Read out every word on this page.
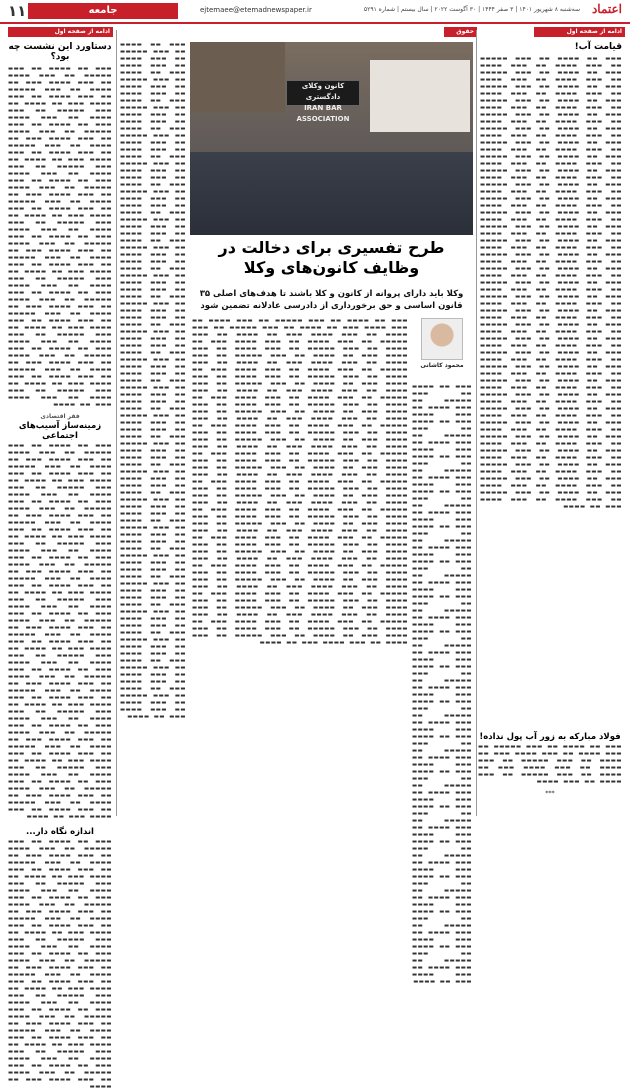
۱۱	جامعه	ejtemaee@etemadnewspaper.ir	سه‌شنبه ۸ شهریور ۱۴۰۱ | ۳ صفر ۱۴۴۴ | ۳۰ آگوست ۲۰۲۲ | سال بیستم | شماره ۵۲۹۱ اعتماد
ادامه از صفحه اول
حقوق
ادامه از صفحه اول
قیامت آب!

▬▬▬ ▬▬ ▬▬▬▬ ▬▬ ▬▬▬ ▬▬▬▬▬ ▬▬ ▬▬▬ ▬▬▬▬ ▬▬ ▬▬▬ ▬▬▬▬ ▬▬▬ ▬▬ ▬▬▬▬ ▬▬ ▬▬▬ ▬▬▬▬▬ ▬▬ ▬▬▬ ▬▬▬▬ ▬▬ ▬▬▬ ▬▬▬▬ ▬▬▬ ▬▬ ▬▬▬▬ ▬▬ ▬▬▬ ▬▬▬▬▬ ▬▬ ▬▬▬ ▬▬▬▬ ▬▬ ▬▬▬ ▬▬▬▬ ▬▬▬ ▬▬ ▬▬▬▬ ▬▬ ▬▬▬ ▬▬▬▬▬ ▬▬ ▬▬▬ ▬▬▬▬ ▬▬ ▬▬▬ ▬▬▬▬ ▬▬▬ ▬▬ ▬▬▬▬ ▬▬ ▬▬▬ ▬▬▬▬▬ ▬▬ ▬▬▬ ▬▬▬▬ ▬▬ ▬▬▬ ▬▬▬▬ ▬▬▬ ▬▬ ▬▬▬▬ ▬▬ ▬▬▬ ▬▬▬▬▬ ▬▬ ▬▬▬ ▬▬▬▬ ▬▬ ▬▬▬ ▬▬▬▬ ▬▬▬ ▬▬ ▬▬▬▬ ▬▬ ▬▬▬ ▬▬▬▬▬ ▬▬ ▬▬▬ ▬▬▬▬ ▬▬ ▬▬▬ ▬▬▬▬ ▬▬▬ ▬▬ ▬▬▬▬ ▬▬ ▬▬▬ ▬▬▬▬▬ ▬▬ ▬▬▬ ▬▬▬▬ ▬▬ ▬▬▬ ▬▬▬▬ ▬▬▬ ▬▬ ▬▬▬▬ ▬▬ ▬▬▬ ▬▬▬▬▬ ▬▬ ▬▬▬ ▬▬▬▬ ▬▬ ▬▬▬ ▬▬▬▬ ▬▬▬ ▬▬ ▬▬▬▬ ▬▬ ▬▬▬ ▬▬▬▬▬ ▬▬ ▬▬▬ ▬▬▬▬ ▬▬ ▬▬▬ ▬▬▬▬ ▬▬▬ ▬▬ ▬▬▬▬ ▬▬ ▬▬▬ ▬▬▬▬▬ ▬▬ ▬▬▬ ▬▬▬▬ ▬▬ ▬▬▬ ▬▬▬▬ ▬▬▬ ▬▬ ▬▬▬▬ ▬▬ ▬▬▬ ▬▬▬▬▬ ▬▬ ▬▬▬ ▬▬▬▬ ▬▬ ▬▬▬ ▬▬▬▬ ▬▬▬ ▬▬ ▬▬▬▬ ▬▬ ▬▬▬ ▬▬▬▬▬ ▬▬ ▬▬▬ ▬▬▬▬ ▬▬ ▬▬▬ ▬▬▬▬ ▬▬▬ ▬▬ ▬▬▬▬ ▬▬ ▬▬▬ ▬▬▬▬▬ ▬▬ ▬▬▬ ▬▬▬▬ ▬▬ ▬▬▬ ▬▬▬▬ ▬▬▬ ▬▬ ▬▬▬▬ ▬▬ ▬▬▬ ▬▬▬▬▬ ▬▬ ▬▬▬ ▬▬▬▬ ▬▬ ▬▬▬ ▬▬▬▬ ▬▬▬ ▬▬ ▬▬▬▬ ▬▬ ▬▬▬ ▬▬▬▬▬ ▬▬ ▬▬▬ ▬▬▬▬ ▬▬ ▬▬▬ ▬▬▬▬ ▬▬▬ ▬▬ ▬▬▬▬ ▬▬ ▬▬▬ ▬▬▬▬▬ ▬▬ ▬▬▬ ▬▬▬▬ ▬▬ ▬▬▬ ▬▬▬▬ ▬▬▬ ▬▬ ▬▬▬▬ ▬▬ ▬▬▬ ▬▬▬▬▬ ▬▬ ▬▬▬ ▬▬▬▬ ▬▬ ▬▬▬ ▬▬▬▬ ▬▬▬ ▬▬ ▬▬▬▬ ▬▬ ▬▬▬ ▬▬▬▬▬ ▬▬ ▬▬▬ ▬▬▬▬ ▬▬ ▬▬▬ ▬▬▬▬ ▬▬▬ ▬▬ ▬▬▬▬ ▬▬ ▬▬▬ ▬▬▬▬▬ ▬▬ ▬▬▬ ▬▬▬▬ ▬▬ ▬▬▬ ▬▬▬▬ ▬▬▬ ▬▬ ▬▬▬▬ ▬▬ ▬▬▬ ▬▬▬▬▬ ▬▬ ▬▬▬ ▬▬▬▬ ▬▬ ▬▬▬ ▬▬▬▬ ▬▬▬ ▬▬ ▬▬▬▬ ▬▬ ▬▬▬ ▬▬▬▬▬ ▬▬ ▬▬▬ ▬▬▬▬ ▬▬ ▬▬▬ ▬▬▬▬ ▬▬▬ ▬▬ ▬▬▬▬ ▬▬ ▬▬▬ ▬▬▬▬▬ ▬▬ ▬▬▬ ▬▬▬▬ ▬▬ ▬▬▬ ▬▬▬▬ ▬▬▬ ▬▬ ▬▬▬▬ ▬▬ ▬▬▬ ▬▬▬▬▬ ▬▬ ▬▬▬ ▬▬▬▬ ▬▬ ▬▬▬ ▬▬▬▬ ▬▬▬ ▬▬ ▬▬▬▬ ▬▬ ▬▬▬ ▬▬▬▬▬ ▬▬ ▬▬▬ ▬▬▬▬ ▬▬ ▬▬▬ ▬▬▬▬ ▬▬▬ ▬▬ ▬▬▬▬ ▬▬ ▬▬▬ ▬▬▬▬▬ ▬▬ ▬▬▬ ▬▬▬▬ ▬▬ ▬▬▬ ▬▬▬▬ ▬▬▬ ▬▬ ▬▬▬▬ ▬▬ ▬▬▬ ▬▬▬▬▬ ▬▬ ▬▬▬ ▬▬▬▬ ▬▬ ▬▬▬ ▬▬▬▬ ▬▬▬ ▬▬ ▬▬▬▬ ▬▬ ▬▬▬ ▬▬▬▬▬ ▬▬ ▬▬▬ ▬▬▬▬ ▬▬ ▬▬▬ ▬▬▬▬ ▬▬▬ ▬▬ ▬▬▬▬ ▬▬ ▬▬▬ ▬▬▬▬▬ ▬▬ ▬▬▬ ▬▬▬▬ ▬▬ ▬▬▬ ▬▬▬▬ ▬▬▬ ▬▬ ▬▬▬▬ ▬▬ ▬▬▬ ▬▬▬▬▬ ▬▬ ▬▬▬ ▬▬▬▬ ▬▬ ▬▬▬ ▬▬▬▬ ▬▬▬ ▬▬ ▬▬▬▬ ▬▬ ▬▬▬ ▬▬▬▬▬ ▬▬ ▬▬▬ ▬▬▬▬ ▬▬ ▬▬▬ ▬▬▬▬ ▬▬▬ ▬▬ ▬▬▬▬ ▬▬ ▬▬▬ ▬▬▬▬▬ ▬▬ ▬▬▬ ▬▬▬▬ ▬▬ ▬▬▬ ▬▬▬▬ ▬▬▬ ▬▬ ▬▬▬▬

فولاد مبارکه به زور آب پول نداده!

▬▬▬ ▬▬ ▬▬▬▬ ▬▬ ▬▬▬ ▬▬▬▬▬ ▬▬ ▬▬▬ ▬▬▬▬ ▬▬ ▬▬▬ ▬▬▬▬ ▬▬▬ ▬▬ ▬▬▬▬ ▬▬ ▬▬▬ ▬▬▬▬▬ ▬▬ ▬▬▬ ▬▬▬▬ ▬▬ ▬▬▬ ▬▬▬▬ ▬▬▬ ▬▬ ▬▬▬▬ ▬▬ ▬▬▬ ▬▬▬▬▬ ▬▬ ▬▬▬ ▬▬▬▬ ▬▬ ▬▬▬ ▬▬▬▬

***
کانون وکلای دادگستری
IRAN BAR ASSOCIATION
طرح تفسیری برای دخالت در وظایف کانون‌های وکلا
وکلا باید دارای پروانه از کانون و کلا باشند تا هدف‌های اصلی ۳۵ قانون اساسی و حق برخورداری از دادرسی عادلانه تضمین شود
محمود کاشانی

▬▬▬ ▬▬ ▬▬▬▬ ▬▬ ▬▬▬ ▬▬▬▬▬ ▬▬ ▬▬▬ ▬▬▬▬ ▬▬ ▬▬▬ ▬▬▬▬ ▬▬▬ ▬▬ ▬▬▬▬ ▬▬ ▬▬▬ ▬▬▬▬▬ ▬▬ ▬▬▬ ▬▬▬▬ ▬▬ ▬▬▬ ▬▬▬▬ ▬▬▬ ▬▬ ▬▬▬▬ ▬▬ ▬▬▬ ▬▬▬▬▬ ▬▬ ▬▬▬ ▬▬▬▬ ▬▬ ▬▬▬ ▬▬▬▬ ▬▬▬ ▬▬ ▬▬▬▬ ▬▬ ▬▬▬ ▬▬▬▬▬ ▬▬ ▬▬▬ ▬▬▬▬ ▬▬ ▬▬▬ ▬▬▬▬ ▬▬▬ ▬▬ ▬▬▬▬ ▬▬ ▬▬▬ ▬▬▬▬▬ ▬▬ ▬▬▬ ▬▬▬▬ ▬▬ ▬▬▬ ▬▬▬▬ ▬▬▬ ▬▬ ▬▬▬▬ ▬▬ ▬▬▬ ▬▬▬▬▬ ▬▬ ▬▬▬ ▬▬▬▬ ▬▬ ▬▬▬ ▬▬▬▬ ▬▬▬ ▬▬ ▬▬▬▬ ▬▬ ▬▬▬ ▬▬▬▬▬ ▬▬ ▬▬▬ ▬▬▬▬ ▬▬ ▬▬▬ ▬▬▬▬ ▬▬▬ ▬▬ ▬▬▬▬ ▬▬ ▬▬▬ ▬▬▬▬▬ ▬▬ ▬▬▬ ▬▬▬▬ ▬▬ ▬▬▬ ▬▬▬▬ ▬▬▬ ▬▬ ▬▬▬▬ ▬▬ ▬▬▬ ▬▬▬▬▬ ▬▬ ▬▬▬ ▬▬▬▬ ▬▬ ▬▬▬ ▬▬▬▬ ▬▬▬ ▬▬ ▬▬▬▬ ▬▬ ▬▬▬ ▬▬▬▬▬ ▬▬ ▬▬▬ ▬▬▬▬ ▬▬ ▬▬▬ ▬▬▬▬ ▬▬▬ ▬▬ ▬▬▬▬ ▬▬ ▬▬▬ ▬▬▬▬▬ ▬▬ ▬▬▬ ▬▬▬▬ ▬▬ ▬▬▬ ▬▬▬▬ ▬▬▬ ▬▬ ▬▬▬▬ ▬▬ ▬▬▬ ▬▬▬▬▬ ▬▬ ▬▬▬ ▬▬▬▬ ▬▬ ▬▬▬ ▬▬▬▬ ▬▬▬ ▬▬ ▬▬▬▬ ▬▬ ▬▬▬ ▬▬▬▬▬ ▬▬ ▬▬▬ ▬▬▬▬ ▬▬ ▬▬▬ ▬▬▬▬ ▬▬▬ ▬▬ ▬▬▬▬ ▬▬ ▬▬▬ ▬▬▬▬▬ ▬▬ ▬▬▬ ▬▬▬▬ ▬▬ ▬▬▬ ▬▬▬▬ ▬▬▬ ▬▬ ▬▬▬▬ ▬▬ ▬▬▬ ▬▬▬▬▬ ▬▬ ▬▬▬ ▬▬▬▬ ▬▬ ▬▬▬ ▬▬▬▬ ▬▬▬ ▬▬ ▬▬▬▬ ▬▬ ▬▬▬ ▬▬▬▬▬ ▬▬ ▬▬▬ ▬▬▬▬ ▬▬ ▬▬▬ ▬▬▬▬ ▬▬▬ ▬▬ ▬▬▬▬ ▬▬ ▬▬▬ ▬▬▬▬▬ ▬▬ ▬▬▬ ▬▬▬▬ ▬▬ ▬▬▬ ▬▬▬▬ ▬▬▬ ▬▬ ▬▬▬▬ ▬▬ ▬▬▬ ▬▬▬▬▬ ▬▬ ▬▬▬ ▬▬▬▬ ▬▬ ▬▬▬ ▬▬▬▬ ▬▬▬ ▬▬ ▬▬▬▬ ▬▬ ▬▬▬ ▬▬▬▬▬ ▬▬ ▬▬▬ ▬▬▬▬ ▬▬ ▬▬▬ ▬▬▬▬ ▬▬▬ ▬▬ ▬▬▬▬ ▬▬ ▬▬▬ ▬▬▬▬▬ ▬▬ ▬▬▬ ▬▬▬▬ ▬▬ ▬▬▬ ▬▬▬▬ ▬▬▬ ▬▬ ▬▬▬▬ ▬▬ ▬▬▬ ▬▬▬▬▬ ▬▬ ▬▬▬ ▬▬▬▬ ▬▬ ▬▬▬ ▬▬▬▬ ▬▬▬ ▬▬ ▬▬▬▬ ▬▬ ▬▬▬ ▬▬▬▬▬ ▬▬ ▬▬▬ ▬▬▬▬ ▬▬ ▬▬▬ ▬▬▬▬ ▬▬▬ ▬▬ ▬▬▬▬ ▬▬ ▬▬▬ ▬▬▬▬▬ ▬▬ ▬▬▬ ▬▬▬▬ ▬▬ ▬▬▬ ▬▬▬▬ ▬▬▬ ▬▬ ▬▬▬▬ ▬▬ ▬▬▬ ▬▬▬▬▬ ▬▬ ▬▬▬ ▬▬▬▬ ▬▬ ▬▬▬ ▬▬▬▬ ▬▬▬ ▬▬ ▬▬▬▬

▬▬▬ ▬▬ ▬▬▬▬ ▬▬ ▬▬▬ ▬▬▬▬▬ ▬▬ ▬▬▬ ▬▬▬▬ ▬▬ ▬▬▬ ▬▬▬▬ ▬▬▬ ▬▬ ▬▬▬▬ ▬▬ ▬▬▬ ▬▬▬▬▬ ▬▬ ▬▬▬ ▬▬▬▬ ▬▬ ▬▬▬ ▬▬▬▬ ▬▬▬ ▬▬ ▬▬▬▬ ▬▬ ▬▬▬ ▬▬▬▬▬ ▬▬ ▬▬▬ ▬▬▬▬ ▬▬ ▬▬▬ ▬▬▬▬ ▬▬▬ ▬▬ ▬▬▬▬ ▬▬ ▬▬▬ ▬▬▬▬▬ ▬▬ ▬▬▬ ▬▬▬▬ ▬▬ ▬▬▬ ▬▬▬▬ ▬▬▬ ▬▬ ▬▬▬▬ ▬▬ ▬▬▬ ▬▬▬▬▬ ▬▬ ▬▬▬ ▬▬▬▬ ▬▬ ▬▬▬ ▬▬▬▬ ▬▬▬ ▬▬ ▬▬▬▬ ▬▬ ▬▬▬ ▬▬▬▬▬ ▬▬ ▬▬▬ ▬▬▬▬ ▬▬ ▬▬▬ ▬▬▬▬ ▬▬▬ ▬▬ ▬▬▬▬ ▬▬ ▬▬▬ ▬▬▬▬▬ ▬▬ ▬▬▬ ▬▬▬▬ ▬▬ ▬▬▬ ▬▬▬▬ ▬▬▬ ▬▬ ▬▬▬▬ ▬▬ ▬▬▬ ▬▬▬▬▬ ▬▬ ▬▬▬ ▬▬▬▬ ▬▬ ▬▬▬ ▬▬▬▬ ▬▬▬ ▬▬ ▬▬▬▬ ▬▬ ▬▬▬ ▬▬▬▬▬ ▬▬ ▬▬▬ ▬▬▬▬ ▬▬ ▬▬▬ ▬▬▬▬ ▬▬▬ ▬▬ ▬▬▬▬ ▬▬ ▬▬▬ ▬▬▬▬▬ ▬▬ ▬▬▬ ▬▬▬▬ ▬▬ ▬▬▬ ▬▬▬▬ ▬▬▬ ▬▬ ▬▬▬▬ ▬▬ ▬▬▬ ▬▬▬▬▬ ▬▬ ▬▬▬ ▬▬▬▬ ▬▬ ▬▬▬ ▬▬▬▬ ▬▬▬ ▬▬ ▬▬▬▬ ▬▬ ▬▬▬ ▬▬▬▬▬ ▬▬ ▬▬▬ ▬▬▬▬ ▬▬ ▬▬▬ ▬▬▬▬ ▬▬▬ ▬▬ ▬▬▬▬ ▬▬ ▬▬▬ ▬▬▬▬▬ ▬▬ ▬▬▬ ▬▬▬▬ ▬▬ ▬▬▬ ▬▬▬▬ ▬▬▬ ▬▬ ▬▬▬▬ ▬▬ ▬▬▬ ▬▬▬▬▬ ▬▬ ▬▬▬ ▬▬▬▬ ▬▬ ▬▬▬ ▬▬▬▬ ▬▬▬ ▬▬ ▬▬▬▬ ▬▬ ▬▬▬ ▬▬▬▬▬ ▬▬ ▬▬▬ ▬▬▬▬ ▬▬ ▬▬▬ ▬▬▬▬ ▬▬▬ ▬▬ ▬▬▬▬ ▬▬ ▬▬▬ ▬▬▬▬▬ ▬▬ ▬▬▬ ▬▬▬▬ ▬▬ ▬▬▬ ▬▬▬▬ ▬▬▬ ▬▬ ▬▬▬▬ ▬▬ ▬▬▬ ▬▬▬▬▬ ▬▬ ▬▬▬ ▬▬▬▬ ▬▬ ▬▬▬ ▬▬▬▬ ▬▬▬ ▬▬ ▬▬▬▬ ▬▬ ▬▬▬ ▬▬▬▬▬ ▬▬ ▬▬▬ ▬▬▬▬ ▬▬ ▬▬▬ ▬▬▬▬ ▬▬▬ ▬▬ ▬▬▬▬ ▬▬ ▬▬▬ ▬▬▬▬▬ ▬▬ ▬▬▬ ▬▬▬▬ ▬▬ ▬▬▬ ▬▬▬▬ ▬▬▬ ▬▬ ▬▬▬▬ ▬▬ ▬▬▬ ▬▬▬▬▬ ▬▬ ▬▬▬ ▬▬▬▬ ▬▬ ▬▬▬ ▬▬▬▬ ▬▬▬ ▬▬ ▬▬▬▬ ▬▬ ▬▬▬ ▬▬▬▬▬ ▬▬ ▬▬▬ ▬▬▬▬ ▬▬ ▬▬▬ ▬▬▬▬ ▬▬▬ ▬▬ ▬▬▬▬ ▬▬ ▬▬▬ ▬▬▬▬▬ ▬▬ ▬▬▬ ▬▬▬▬ ▬▬ ▬▬▬ ▬▬▬▬ ▬▬▬ ▬▬ ▬▬▬▬ ▬▬ ▬▬▬ ▬▬▬▬▬ ▬▬ ▬▬▬ ▬▬▬▬ ▬▬ ▬▬▬ ▬▬▬▬ ▬▬▬ ▬▬ ▬▬▬▬ ▬▬ ▬▬▬ ▬▬▬▬▬ ▬▬ ▬▬▬ ▬▬▬▬ ▬▬ ▬▬▬ ▬▬▬▬ ▬▬▬ ▬▬ ▬▬▬▬ ▬▬ ▬▬▬ ▬▬▬▬▬ ▬▬ ▬▬▬ ▬▬▬▬ ▬▬ ▬▬▬ ▬▬▬▬ ▬▬▬ ▬▬ ▬▬▬▬ ▬▬ ▬▬▬ ▬▬▬▬▬ ▬▬ ▬▬▬ ▬▬▬▬ ▬▬ ▬▬▬ ▬▬▬▬ ▬▬▬ ▬▬ ▬▬▬▬ ▬▬ ▬▬▬ ▬▬▬▬▬ ▬▬ ▬▬▬ ▬▬▬▬ ▬▬ ▬▬▬ ▬▬▬▬ ▬▬▬ ▬▬ ▬▬▬▬ ▬▬ ▬▬▬ ▬▬▬▬▬ ▬▬ ▬▬▬ ▬▬▬▬ ▬▬ ▬▬▬ ▬▬▬▬ ▬▬▬ ▬▬ ▬▬▬▬ ▬▬ ▬▬▬ ▬▬▬▬▬ ▬▬ ▬▬▬ ▬▬▬▬ ▬▬ ▬▬▬ ▬▬▬▬ ▬▬▬ ▬▬ ▬▬▬▬ ▬▬ ▬▬▬ ▬▬▬▬▬ ▬▬ ▬▬▬ ▬▬▬▬ ▬▬ ▬▬▬ ▬▬▬▬ ▬▬▬ ▬▬ ▬▬▬▬ ▬▬ ▬▬▬ ▬▬▬▬▬ ▬▬ ▬▬▬ ▬▬▬▬ ▬▬ ▬▬▬ ▬▬▬▬ ▬▬▬ ▬▬ ▬▬▬▬ ▬▬ ▬▬▬ ▬▬▬▬▬ ▬▬ ▬▬▬ ▬▬▬▬ ▬▬ ▬▬▬ ▬▬▬▬ ▬▬▬ ▬▬ ▬▬▬▬ ▬▬ ▬▬▬ ▬▬▬▬▬ ▬▬ ▬▬▬ ▬▬▬▬ ▬▬ ▬▬▬ ▬▬▬▬ ▬▬▬ ▬▬ ▬▬▬▬ ▬▬ ▬▬▬ ▬▬▬▬▬ ▬▬ ▬▬▬ ▬▬▬▬ ▬▬ ▬▬▬ ▬▬▬▬ ▬▬▬ ▬▬ ▬▬▬▬ ▬▬ ▬▬▬ ▬▬▬▬▬ ▬▬ ▬▬▬ ▬▬▬▬ ▬▬ ▬▬▬ ▬▬▬▬ ▬▬▬ ▬▬ ▬▬▬▬

▬▬▬ ▬▬ ▬▬▬▬ ▬▬ ▬▬▬ ▬▬▬▬▬ ▬▬ ▬▬▬ ▬▬▬▬ ▬▬ ▬▬▬ ▬▬▬▬ ▬▬▬ ▬▬ ▬▬▬▬ ▬▬ ▬▬▬ ▬▬▬▬▬ ▬▬ ▬▬▬ ▬▬▬▬ ▬▬ ▬▬▬ ▬▬▬▬ ▬▬▬ ▬▬ ▬▬▬▬ ▬▬ ▬▬▬ ▬▬▬▬▬ ▬▬ ▬▬▬ ▬▬▬▬ ▬▬ ▬▬▬ ▬▬▬▬ ▬▬▬ ▬▬ ▬▬▬▬ ▬▬ ▬▬▬ ▬▬▬▬▬ ▬▬ ▬▬▬ ▬▬▬▬ ▬▬ ▬▬▬ ▬▬▬▬ ▬▬▬ ▬▬ ▬▬▬▬ ▬▬ ▬▬▬ ▬▬▬▬▬ ▬▬ ▬▬▬ ▬▬▬▬ ▬▬ ▬▬▬ ▬▬▬▬ ▬▬▬ ▬▬ ▬▬▬▬ ▬▬ ▬▬▬ ▬▬▬▬▬ ▬▬ ▬▬▬ ▬▬▬▬ ▬▬ ▬▬▬ ▬▬▬▬ ▬▬▬ ▬▬ ▬▬▬▬ ▬▬ ▬▬▬ ▬▬▬▬▬ ▬▬ ▬▬▬ ▬▬▬▬ ▬▬ ▬▬▬ ▬▬▬▬ ▬▬▬ ▬▬ ▬▬▬▬ ▬▬ ▬▬▬ ▬▬▬▬▬ ▬▬ ▬▬▬ ▬▬▬▬ ▬▬ ▬▬▬ ▬▬▬▬ ▬▬▬ ▬▬ ▬▬▬▬ ▬▬ ▬▬▬ ▬▬▬▬▬ ▬▬ ▬▬▬ ▬▬▬▬ ▬▬ ▬▬▬ ▬▬▬▬ ▬▬▬ ▬▬ ▬▬▬▬ ▬▬ ▬▬▬ ▬▬▬▬▬ ▬▬ ▬▬▬ ▬▬▬▬ ▬▬ ▬▬▬ ▬▬▬▬ ▬▬▬ ▬▬ ▬▬▬▬ ▬▬ ▬▬▬ ▬▬▬▬▬ ▬▬ ▬▬▬ ▬▬▬▬ ▬▬ ▬▬▬ ▬▬▬▬ ▬▬▬ ▬▬ ▬▬▬▬ ▬▬ ▬▬▬ ▬▬▬▬▬ ▬▬ ▬▬▬ ▬▬▬▬ ▬▬ ▬▬▬ ▬▬▬▬ ▬▬▬ ▬▬ ▬▬▬▬ ▬▬ ▬▬▬ ▬▬▬▬▬ ▬▬ ▬▬▬ ▬▬▬▬ ▬▬ ▬▬▬ ▬▬▬▬ ▬▬▬ ▬▬ ▬▬▬▬ ▬▬ ▬▬▬ ▬▬▬▬▬ ▬▬ ▬▬▬ ▬▬▬▬ ▬▬ ▬▬▬ ▬▬▬▬ ▬▬▬ ▬▬ ▬▬▬▬ ▬▬ ▬▬▬ ▬▬▬▬▬ ▬▬ ▬▬▬ ▬▬▬▬ ▬▬ ▬▬▬ ▬▬▬▬ ▬▬▬ ▬▬ ▬▬▬▬ ▬▬ ▬▬▬ ▬▬▬▬▬ ▬▬ ▬▬▬ ▬▬▬▬ ▬▬ ▬▬▬ ▬▬▬▬ ▬▬▬ ▬▬ ▬▬▬▬ ▬▬ ▬▬▬ ▬▬▬▬▬ ▬▬ ▬▬▬ ▬▬▬▬ ▬▬ ▬▬▬ ▬▬▬▬ ▬▬▬ ▬▬ ▬▬▬▬

دستاورد این نشست چه بود؟

▬▬▬ ▬▬ ▬▬▬▬ ▬▬ ▬▬▬ ▬▬▬▬▬ ▬▬ ▬▬▬ ▬▬▬▬ ▬▬ ▬▬▬ ▬▬▬▬ ▬▬▬ ▬▬ ▬▬▬▬ ▬▬ ▬▬▬ ▬▬▬▬▬ ▬▬ ▬▬▬ ▬▬▬▬ ▬▬ ▬▬▬ ▬▬▬▬ ▬▬▬ ▬▬ ▬▬▬▬ ▬▬ ▬▬▬ ▬▬▬▬▬ ▬▬ ▬▬▬ ▬▬▬▬ ▬▬ ▬▬▬ ▬▬▬▬ ▬▬▬ ▬▬ ▬▬▬▬ ▬▬ ▬▬▬ ▬▬▬▬▬ ▬▬ ▬▬▬ ▬▬▬▬ ▬▬ ▬▬▬ ▬▬▬▬ ▬▬▬ ▬▬ ▬▬▬▬ ▬▬ ▬▬▬ ▬▬▬▬▬ ▬▬ ▬▬▬ ▬▬▬▬ ▬▬ ▬▬▬ ▬▬▬▬ ▬▬▬ ▬▬ ▬▬▬▬ ▬▬ ▬▬▬ ▬▬▬▬▬ ▬▬ ▬▬▬ ▬▬▬▬ ▬▬ ▬▬▬ ▬▬▬▬ ▬▬▬ ▬▬ ▬▬▬▬ ▬▬ ▬▬▬ ▬▬▬▬▬ ▬▬ ▬▬▬ ▬▬▬▬ ▬▬ ▬▬▬ ▬▬▬▬ ▬▬▬ ▬▬ ▬▬▬▬ ▬▬ ▬▬▬ ▬▬▬▬▬ ▬▬ ▬▬▬ ▬▬▬▬ ▬▬ ▬▬▬ ▬▬▬▬ ▬▬▬ ▬▬ ▬▬▬▬ ▬▬ ▬▬▬ ▬▬▬▬▬ ▬▬ ▬▬▬ ▬▬▬▬ ▬▬ ▬▬▬ ▬▬▬▬ ▬▬▬ ▬▬ ▬▬▬▬ ▬▬ ▬▬▬ ▬▬▬▬▬ ▬▬ ▬▬▬ ▬▬▬▬ ▬▬ ▬▬▬ ▬▬▬▬ ▬▬▬ ▬▬ ▬▬▬▬ ▬▬ ▬▬▬ ▬▬▬▬▬ ▬▬ ▬▬▬ ▬▬▬▬ ▬▬ ▬▬▬ ▬▬▬▬ ▬▬▬ ▬▬ ▬▬▬▬ ▬▬ ▬▬▬ ▬▬▬▬▬ ▬▬ ▬▬▬ ▬▬▬▬ ▬▬ ▬▬▬ ▬▬▬▬ ▬▬▬ ▬▬ ▬▬▬▬ ▬▬ ▬▬▬ ▬▬▬▬▬ ▬▬ ▬▬▬ ▬▬▬▬ ▬▬ ▬▬▬ ▬▬▬▬ ▬▬▬ ▬▬ ▬▬▬▬ ▬▬ ▬▬▬ ▬▬▬▬▬ ▬▬ ▬▬▬ ▬▬▬▬ ▬▬ ▬▬▬ ▬▬▬▬ ▬▬▬ ▬▬ ▬▬▬▬ ▬▬ ▬▬▬ ▬▬▬▬▬ ▬▬ ▬▬▬ ▬▬▬▬ ▬▬ ▬▬▬ ▬▬▬▬ ▬▬▬ ▬▬ ▬▬▬▬ ▬▬ ▬▬▬ ▬▬▬▬▬ ▬▬ ▬▬▬ ▬▬▬▬ ▬▬ ▬▬▬ ▬▬▬▬ ▬▬▬ ▬▬ ▬▬▬▬ ▬▬ ▬▬▬ ▬▬▬▬▬ ▬▬ ▬▬▬ ▬▬▬▬ ▬▬ ▬▬▬ ▬▬▬▬ ▬▬▬ ▬▬ ▬▬▬▬ ▬▬ ▬▬▬ ▬▬▬▬▬ ▬▬ ▬▬▬ ▬▬▬▬ ▬▬ ▬▬▬ ▬▬▬▬ ▬▬▬ ▬▬ ▬▬▬▬

فقر اقتصادی
زمینه‌ساز آسیب‌های اجتماعی

▬▬▬ ▬▬ ▬▬▬▬ ▬▬ ▬▬▬ ▬▬▬▬▬ ▬▬ ▬▬▬ ▬▬▬▬ ▬▬ ▬▬▬ ▬▬▬▬ ▬▬▬ ▬▬ ▬▬▬▬ ▬▬ ▬▬▬ ▬▬▬▬▬ ▬▬ ▬▬▬ ▬▬▬▬ ▬▬ ▬▬▬ ▬▬▬▬ ▬▬▬ ▬▬ ▬▬▬▬ ▬▬ ▬▬▬ ▬▬▬▬▬ ▬▬ ▬▬▬ ▬▬▬▬ ▬▬ ▬▬▬ ▬▬▬▬ ▬▬▬ ▬▬ ▬▬▬▬ ▬▬ ▬▬▬ ▬▬▬▬▬ ▬▬ ▬▬▬ ▬▬▬▬ ▬▬ ▬▬▬ ▬▬▬▬ ▬▬▬ ▬▬ ▬▬▬▬ ▬▬ ▬▬▬ ▬▬▬▬▬ ▬▬ ▬▬▬ ▬▬▬▬ ▬▬ ▬▬▬ ▬▬▬▬ ▬▬▬ ▬▬ ▬▬▬▬ ▬▬ ▬▬▬ ▬▬▬▬▬ ▬▬ ▬▬▬ ▬▬▬▬ ▬▬ ▬▬▬ ▬▬▬▬ ▬▬▬ ▬▬ ▬▬▬▬ ▬▬ ▬▬▬ ▬▬▬▬▬ ▬▬ ▬▬▬ ▬▬▬▬ ▬▬ ▬▬▬ ▬▬▬▬ ▬▬▬ ▬▬ ▬▬▬▬ ▬▬ ▬▬▬ ▬▬▬▬▬ ▬▬ ▬▬▬ ▬▬▬▬ ▬▬ ▬▬▬ ▬▬▬▬ ▬▬▬ ▬▬ ▬▬▬▬ ▬▬ ▬▬▬ ▬▬▬▬▬ ▬▬ ▬▬▬ ▬▬▬▬ ▬▬ ▬▬▬ ▬▬▬▬ ▬▬▬ ▬▬ ▬▬▬▬ ▬▬ ▬▬▬ ▬▬▬▬▬ ▬▬ ▬▬▬ ▬▬▬▬ ▬▬ ▬▬▬ ▬▬▬▬ ▬▬▬ ▬▬ ▬▬▬▬ ▬▬ ▬▬▬ ▬▬▬▬▬ ▬▬ ▬▬▬ ▬▬▬▬ ▬▬ ▬▬▬ ▬▬▬▬ ▬▬▬ ▬▬ ▬▬▬▬ ▬▬ ▬▬▬ ▬▬▬▬▬ ▬▬ ▬▬▬ ▬▬▬▬ ▬▬ ▬▬▬ ▬▬▬▬ ▬▬▬ ▬▬ ▬▬▬▬ ▬▬ ▬▬▬ ▬▬▬▬▬ ▬▬ ▬▬▬ ▬▬▬▬ ▬▬ ▬▬▬ ▬▬▬▬ ▬▬▬ ▬▬ ▬▬▬▬ ▬▬ ▬▬▬ ▬▬▬▬▬ ▬▬ ▬▬▬ ▬▬▬▬ ▬▬ ▬▬▬ ▬▬▬▬ ▬▬▬ ▬▬ ▬▬▬▬ ▬▬ ▬▬▬ ▬▬▬▬▬ ▬▬ ▬▬▬ ▬▬▬▬ ▬▬ ▬▬▬ ▬▬▬▬ ▬▬▬ ▬▬ ▬▬▬▬ ▬▬ ▬▬▬ ▬▬▬▬▬ ▬▬ ▬▬▬ ▬▬▬▬ ▬▬ ▬▬▬ ▬▬▬▬ ▬▬▬ ▬▬ ▬▬▬▬ ▬▬ ▬▬▬ ▬▬▬▬▬ ▬▬ ▬▬▬ ▬▬▬▬ ▬▬ ▬▬▬ ▬▬▬▬ ▬▬▬ ▬▬ ▬▬▬▬ ▬▬ ▬▬▬ ▬▬▬▬▬ ▬▬ ▬▬▬ ▬▬▬▬ ▬▬ ▬▬▬ ▬▬▬▬ ▬▬▬ ▬▬ ▬▬▬▬ ▬▬ ▬▬▬ ▬▬▬▬▬ ▬▬ ▬▬▬ ▬▬▬▬ ▬▬ ▬▬▬ ▬▬▬▬ ▬▬▬ ▬▬ ▬▬▬▬ ▬▬ ▬▬▬ ▬▬▬▬▬ ▬▬ ▬▬▬ ▬▬▬▬ ▬▬ ▬▬▬ ▬▬▬▬ ▬▬▬ ▬▬ ▬▬▬▬

اندازه نگاه دار...

▬▬▬ ▬▬ ▬▬▬▬ ▬▬ ▬▬▬ ▬▬▬▬▬ ▬▬ ▬▬▬ ▬▬▬▬ ▬▬ ▬▬▬ ▬▬▬▬ ▬▬▬ ▬▬ ▬▬▬▬ ▬▬ ▬▬▬ ▬▬▬▬▬ ▬▬ ▬▬▬ ▬▬▬▬ ▬▬ ▬▬▬ ▬▬▬▬ ▬▬▬ ▬▬ ▬▬▬▬ ▬▬ ▬▬▬ ▬▬▬▬▬ ▬▬ ▬▬▬ ▬▬▬▬ ▬▬ ▬▬▬ ▬▬▬▬ ▬▬▬ ▬▬ ▬▬▬▬ ▬▬ ▬▬▬ ▬▬▬▬▬ ▬▬ ▬▬▬ ▬▬▬▬ ▬▬ ▬▬▬ ▬▬▬▬ ▬▬▬ ▬▬ ▬▬▬▬ ▬▬ ▬▬▬ ▬▬▬▬▬ ▬▬ ▬▬▬ ▬▬▬▬ ▬▬ ▬▬▬ ▬▬▬▬ ▬▬▬ ▬▬ ▬▬▬▬ ▬▬ ▬▬▬ ▬▬▬▬▬ ▬▬ ▬▬▬ ▬▬▬▬ ▬▬ ▬▬▬ ▬▬▬▬ ▬▬▬ ▬▬ ▬▬▬▬ ▬▬ ▬▬▬ ▬▬▬▬▬ ▬▬ ▬▬▬ ▬▬▬▬ ▬▬ ▬▬▬ ▬▬▬▬ ▬▬▬ ▬▬ ▬▬▬▬ ▬▬ ▬▬▬ ▬▬▬▬▬ ▬▬ ▬▬▬ ▬▬▬▬ ▬▬ ▬▬▬ ▬▬▬▬ ▬▬▬ ▬▬ ▬▬▬▬ ▬▬ ▬▬▬ ▬▬▬▬▬ ▬▬ ▬▬▬ ▬▬▬▬ ▬▬ ▬▬▬ ▬▬▬▬ ▬▬▬ ▬▬ ▬▬▬▬ ▬▬ ▬▬▬ ▬▬▬▬▬ ▬▬ ▬▬▬ ▬▬▬▬ ▬▬ ▬▬▬ ▬▬▬▬ ▬▬▬ ▬▬ ▬▬▬▬ ▬▬ ▬▬▬ ▬▬▬▬▬ ▬▬ ▬▬▬ ▬▬▬▬ ▬▬ ▬▬▬ ▬▬▬▬ ▬▬▬ ▬▬ ▬▬▬▬ ▬▬ ▬▬▬ ▬▬▬▬▬ ▬▬ ▬▬▬ ▬▬▬▬ ▬▬ ▬▬▬ ▬▬▬▬ ▬▬▬ ▬▬ ▬▬▬▬ ▬▬ ▬▬▬ ▬▬▬▬▬ ▬▬ ▬▬▬ ▬▬▬▬ ▬▬ ▬▬▬ ▬▬▬▬ ▬▬▬ ▬▬ ▬▬▬▬
